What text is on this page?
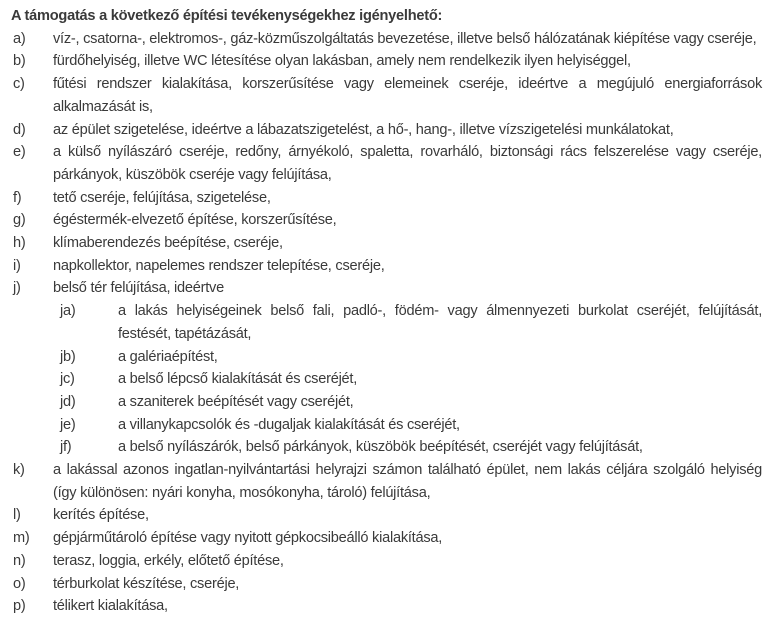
A támogatás a következő építési tevékenységekhez igényelhető:
a)	víz-, csatorna-, elektromos-, gáz-közműszolgáltatás bevezetése, illetve belső hálózatának kiépítése vagy cseréje,
b)	fürdőhelyiség, illetve WC létesítése olyan lakásban, amely nem rendelkezik ilyen helyiséggel,
c)	fűtési rendszer kialakítása, korszerűsítése vagy elemeinek cseréje, ideértve a megújuló energiaforrások alkalmazását is,
d)	az épület szigetelése, ideértve a lábazatszigetelést, a hő-, hang-, illetve vízszigetelési munkálatokat,
e)	a külső nyílászáró cseréje, redőny, árnyékoló, spaletta, rovarháló, biztonsági rács felszerelése vagy cseréje, párkányok, küszöbök cseréje vagy felújítása,
f)	tető cseréje, felújítása, szigetelése,
g)	égéstermék-elvezető építése, korszerűsítése,
h)	klímaberendezés beépítése, cseréje,
i)	napkollektor, napelemes rendszer telepítése, cseréje,
j)	belső tér felújítása, ideértve
ja)	a lakás helyiségeinek belső fali, padló-, födém- vagy álmennyezeti burkolat cseréjét, felújítását, festését, tapétázását,
jb)	a galériaépítést,
jc)	a belső lépcső kialakítását és cseréjét,
jd)	a szaniterek beépítését vagy cseréjét,
je)	a villanykapcsolók és -dugaljak kialakítását és cseréjét,
jf)	a belső nyílászárók, belső párkányok, küszöbök beépítését, cseréjét vagy felújítását,
k)	a lakással azonos ingatlan-nyilvántartási helyrajzi számon található épület, nem lakás céljára szolgáló helyiség (így különösen: nyári konyha, mosókonyha, tároló) felújítása,
l)	kerítés építése,
m)	gépjárműtároló építése vagy nyitott gépkocsibeálló kialakítása,
n)	terasz, loggia, erkély, előtető építése,
o)	térburkolat készítése, cseréje,
p)	télikert kialakítása,
